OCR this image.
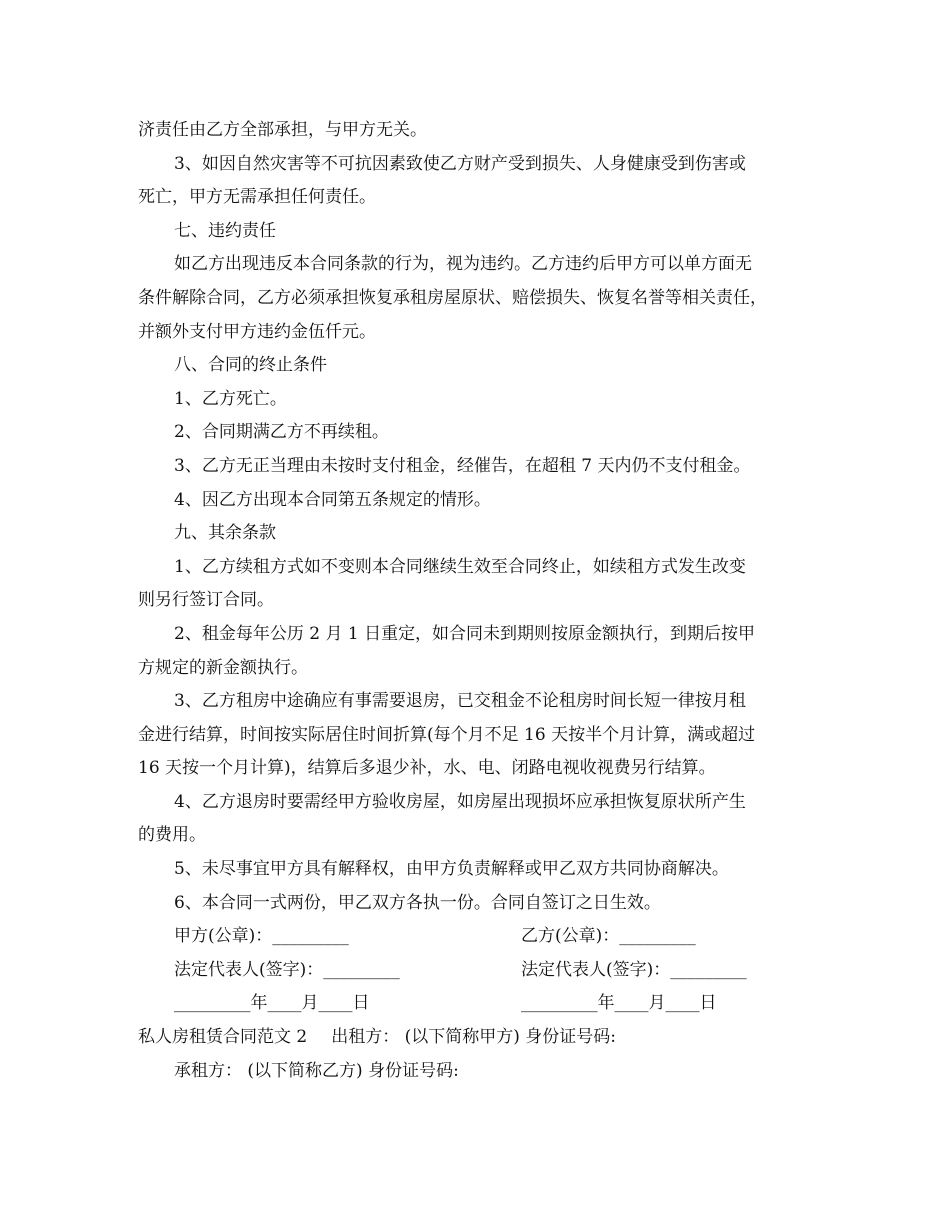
济责任由乙方全部承担，与甲方无关。
3、如因自然灾害等不可抗因素致使乙方财产受到损失、人身健康受到伤害或
死亡，甲方无需承担任何责任。
七、违约责任
如乙方出现违反本合同条款的行为，视为违约。乙方违约后甲方可以单方面无
条件解除合同，乙方必须承担恢复承租房屋原状、赔偿损失、恢复名誉等相关责任，
并额外支付甲方违约金伍仟元。
八、合同的终止条件
1、乙方死亡。
2、合同期满乙方不再续租。
3、乙方无正当理由未按时支付租金，经催告，在超租 7 天内仍不支付租金。
4、因乙方出现本合同第五条规定的情形。
九、其余条款
1、乙方续租方式如不变则本合同继续生效至合同终止，如续租方式发生改变
则另行签订合同。
2、租金每年公历 2 月 1 日重定，如合同未到期则按原金额执行，到期后按甲
方规定的新金额执行。
3、乙方租房中途确应有事需要退房，已交租金不论租房时间长短一律按月租
金进行结算，时间按实际居住时间折算(每个月不足 16 天按半个月计算，满或超过
16 天按一个月计算)，结算后多退少补，水、电、闭路电视收视费另行结算。
4、乙方退房时要需经甲方验收房屋，如房屋出现损坏应承担恢复原状所产生
的费用。
5、未尽事宜甲方具有解释权，由甲方负责解释或甲乙双方共同协商解决。
6、本合同一式两份，甲乙双方各执一份。合同自签订之日生效。
甲方(公章)：_________	乙方(公章)：_________
法定代表人(签字)：_________	法定代表人(签字)：_________
_________年____月____日	_________年____月____日
私人房租赁合同范文 2 出租方： (以下简称甲方) 身份证号码:
承租方： (以下简称乙方) 身份证号码:
